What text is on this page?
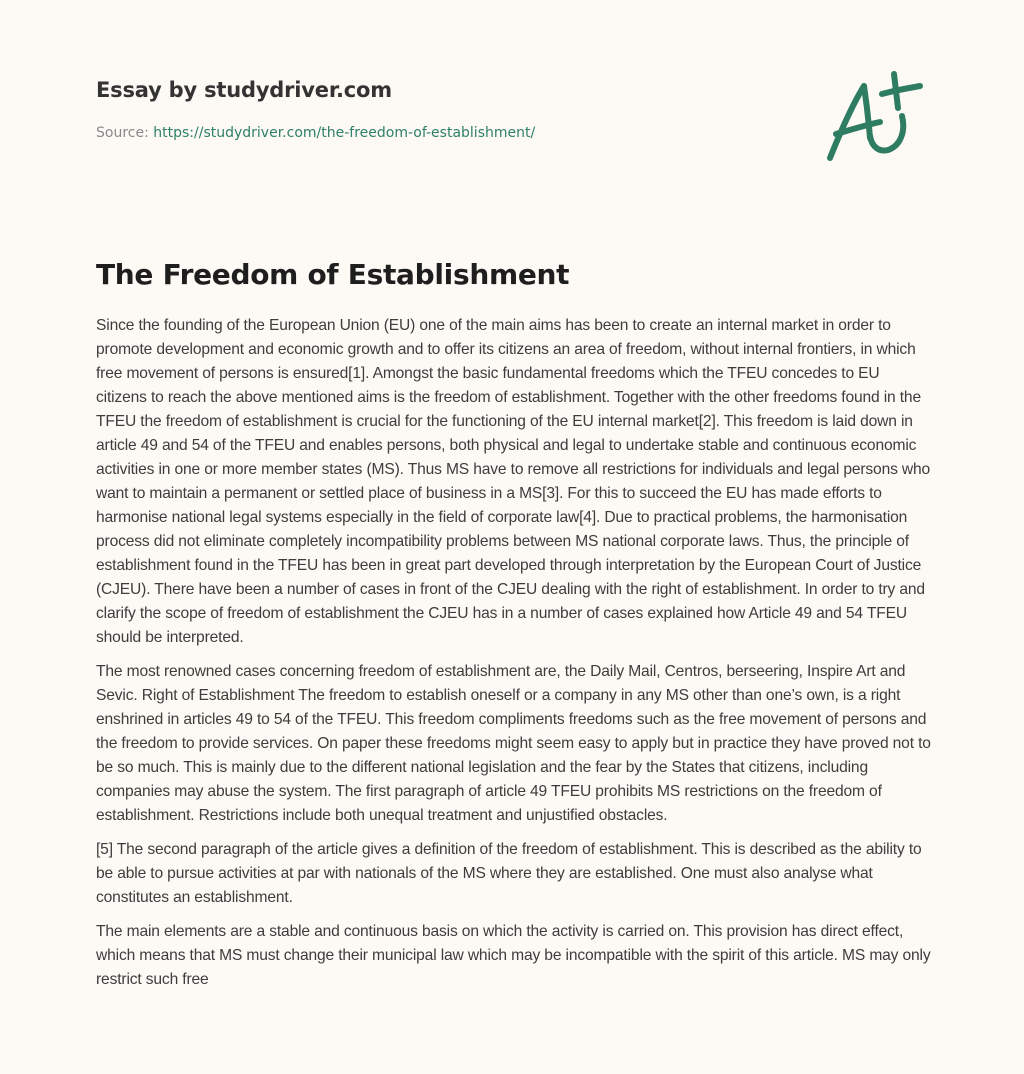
Essay by studydriver.com
Source: https://studydriver.com/the-freedom-of-establishment/
The Freedom of Establishment

Since the founding of the European Union (EU) one of the main aims has been to create an internal market in order to promote development and economic growth and to offer its citizens an area of freedom, without internal frontiers, in which free movement of persons is ensured[1]. Amongst the basic fundamental freedoms which the TFEU concedes to EU citizens to reach the above mentioned aims is the freedom of establishment. Together with the other freedoms found in the TFEU the freedom of establishment is crucial for the functioning of the EU internal market[2]. This freedom is laid down in article 49 and 54 of the TFEU and enables persons, both physical and legal to undertake stable and continuous economic activities in one or more member states (MS). Thus MS have to remove all restrictions for individuals and legal persons who want to maintain a permanent or settled place of business in a MS[3]. For this to succeed the EU has made efforts to harmonise national legal systems especially in the field of corporate law[4]. Due to practical problems, the harmonisation process did not eliminate completely incompatibility problems between MS national corporate laws. Thus, the principle of establishment found in the TFEU has been in great part developed through interpretation by the European Court of Justice (CJEU). There have been a number of cases in front of the CJEU dealing with the right of establishment. In order to try and clarify the scope of freedom of establishment the CJEU has in a number of cases explained how Article 49 and 54 TFEU should be interpreted.

The most renowned cases concerning freedom of establishment are, the Daily Mail, Centros, berseering, Inspire Art and Sevic. Right of Establishment The freedom to establish oneself or a company in any MS other than one’s own, is a right enshrined in articles 49 to 54 of the TFEU. This freedom compliments freedoms such as the free movement of persons and the freedom to provide services. On paper these freedoms might seem easy to apply but in practice they have proved not to be so much. This is mainly due to the different national legislation and the fear by the States that citizens, including companies may abuse the system. The first paragraph of article 49 TFEU prohibits MS restrictions on the freedom of establishment. Restrictions include both unequal treatment and unjustified obstacles.

[5] The second paragraph of the article gives a definition of the freedom of establishment. This is described as the ability to be able to pursue activities at par with nationals of the MS where they are established. One must also analyse what constitutes an establishment.

The main elements are a stable and continuous basis on which the activity is carried on. This provision has direct effect, which means that MS must change their municipal law which may be incompatible with the spirit of this article. MS may only restrict such free
